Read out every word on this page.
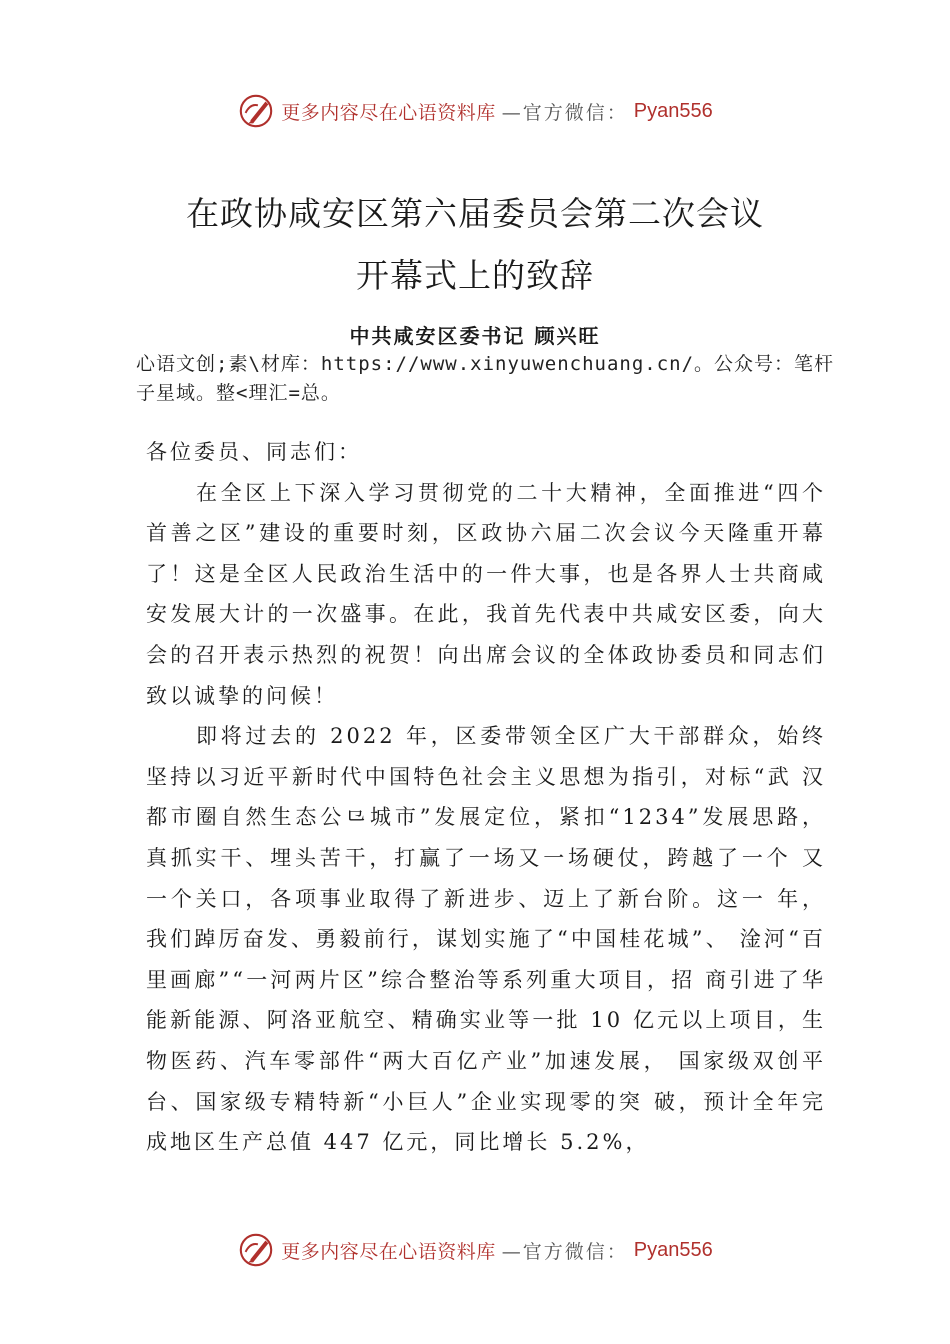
更多内容尽在心语资料库 —官方微信： Pyan556
在政协咸安区第六届委员会第二次会议
开幕式上的致辞
中共咸安区委书记 顾兴旺
心语文创;素\材库：https://www.xinyuwenchuang.cn/。公众号：笔杆子星域。整<理汇=总。

各位委员、同志们：

在全区上下深入学习贯彻党的二十大精神，全面推进“四个首善之区”建设的重要时刻，区政协六届二次会议今天隆重开幕了！这是全区人民政治生活中的一件大事，也是各界人士共商咸安发展大计的一次盛事。在此，我首先代表中共咸安区委，向大会的召开表示热烈的祝贺！向出席会议的全体政协委员和同志们致以诚挚的问候！

即将过去的 2022 年，区委带领全区广大干部群众，始终坚持以习近平新时代中国特色社会主义思想为指引，对标“武 汉都市圈自然生态公⺋城市”发展定位，紧扣“1234”发展思路， 真抓实干、埋头苦干，打赢了一场又一场硬仗，跨越了一个 又一个关口，各项事业取得了新进步、迈上了新台阶。这一 年，我们踔厉奋发、勇毅前行，谋划实施了“中国桂花城”、 淦河“百里画廊”“一河两片区”综合整治等系列重大项目，招 商引进了华能新能源、阿洛亚航空、精确实业等一批 10 亿元以上项目，生物医药、汽车零部件“两大百亿产业”加速发展， 国家级双创平台、国家级专精特新“小巨人”企业实现零的突 破，预计全年完成地区生产总值 447 亿元，同比增长 5.2%，

更多内容尽在心语资料库 —官方微信： Pyan556
